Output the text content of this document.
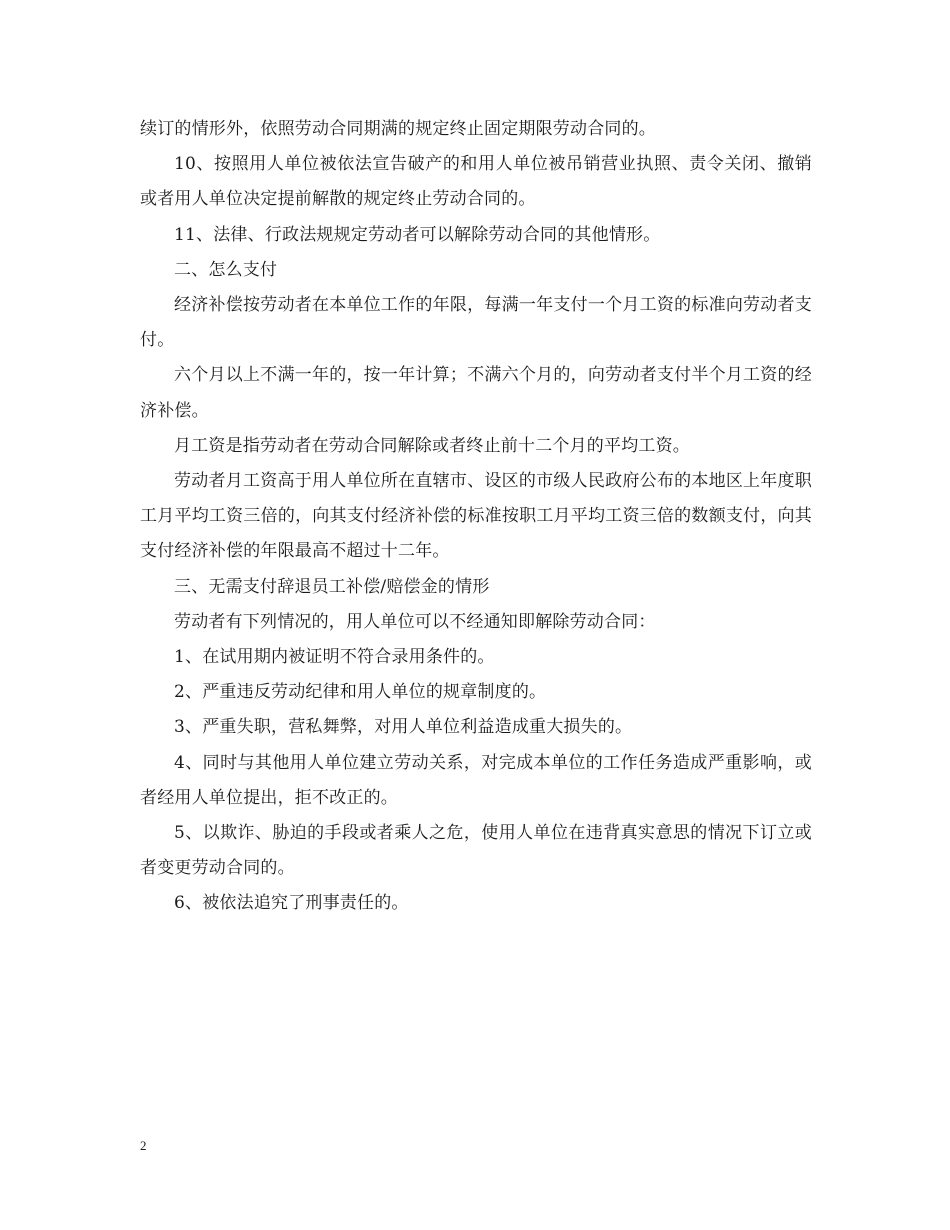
续订的情形外，依照劳动合同期满的规定终止固定期限劳动合同的。

10、按照用人单位被依法宣告破产的和用人单位被吊销营业执照、责令关闭、撤销或者用人单位决定提前解散的规定终止劳动合同的。

11、法律、行政法规规定劳动者可以解除劳动合同的其他情形。

二、怎么支付

经济补偿按劳动者在本单位工作的年限，每满一年支付一个月工资的标准向劳动者支付。

六个月以上不满一年的，按一年计算；不满六个月的，向劳动者支付半个月工资的经济补偿。

月工资是指劳动者在劳动合同解除或者终止前十二个月的平均工资。

劳动者月工资高于用人单位所在直辖市、设区的市级人民政府公布的本地区上年度职工月平均工资三倍的，向其支付经济补偿的标准按职工月平均工资三倍的数额支付，向其支付经济补偿的年限最高不超过十二年。

三、无需支付辞退员工补偿/赔偿金的情形

劳动者有下列情况的，用人单位可以不经通知即解除劳动合同：

1、在试用期内被证明不符合录用条件的。

2、严重违反劳动纪律和用人单位的规章制度的。

3、严重失职，营私舞弊，对用人单位利益造成重大损失的。

4、同时与其他用人单位建立劳动关系，对完成本单位的工作任务造成严重影响，或者经用人单位提出，拒不改正的。

5、以欺诈、胁迫的手段或者乘人之危，使用人单位在违背真实意思的情况下订立或者变更劳动合同的。

6、被依法追究了刑事责任的。

2
